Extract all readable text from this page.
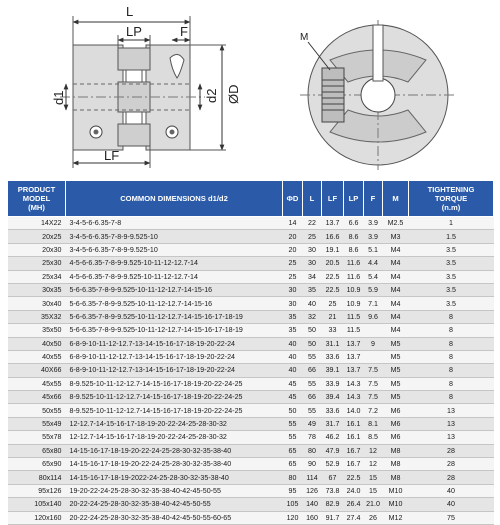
L
LP	F
d1	d2 ØD
LF
M
PRODUCT
MODEL
(MH)	COMMON DIMENSIONS d1/d2	ΦD	L	LF	LP	F	M	TIGHTENING
TORQUE
(n.m)
14X22	3-4-5-6-6.35-7-8	14	22	13.7	6.6	3.9	M2.5	1
20x25	3-4-5-6-6.35-7-8-9-9.525-10	20	25	16.6	8.6	3.9	M3	1.5
20x30	3-4-5-6-6.35-7-8-9-9.525-10	20	30	19.1	8.6	5.1	M4	3.5
25x30	4-5-6-6.35-7-8-9-9.525-10-11-12-12.7-14	25	30	20.5	11.6	4.4	M4	3.5
25x34	4-5-6-6.35-7-8-9-9.525-10-11-12-12.7-14	25	34	22.5	11.6	5.4	M4	3.5
30x35	5-6-6.35-7-8-9-9.525-10-11-12-12.7-14-15-16	30	35	22.5	10.9	5.9	M4	3.5
30x40	5-6-6.35-7-8-9-9.525-10-11-12-12.7-14-15-16	30	40	25	10.9	7.1	M4	3.5
35X32	5-6-6.35-7-8-9-9.525-10-11-12-12.7-14-15-16-17-18-19	35	32	21	11.5	9.6	M4	8
35x50	5-6-6.35-7-8-9-9.525-10-11-12-12.7-14-15-16-17-18-19	35	50	33	11.5		M4	8
40x50	6-8-9-10-11-12-12.7-13-14-15-16-17-18-19-20-22-24	40	50	31.1	13.7	9	M5	8
40x55	6-8-9-10-11-12-12.7-13-14-15-16-17-18-19-20-22-24	40	55	33.6	13.7		M5	8
40X66	6-8-9-10-11-12-12.7-13-14-15-16-17-18-19-20-22-24	40	66	39.1	13.7	7.5	M5	8
45x55	8-9.525-10-11-12-12.7-14-15-16-17-18-19-20-22-24-25	45	55	33.9	14.3	7.5	M5	8
45x66	8-9.525-10-11-12-12.7-14-15-16-17-18-19-20-22-24-25	45	66	39.4	14.3	7.5	M5	8
50x55	8-9.525-10-11-12-12.7-14-15-16-17-18-19-20-22-24-25	50	55	33.6	14.0	7.2	M6	13
55x49	12-12.7-14-15-16-17-18-19-20-22-24-25-28-30-32	55	49	31.7	16.1	8.1	M6	13
55x78	12-12.7-14-15-16-17-18-19-20-22-24-25-28-30-32	55	78	46.2	16.1	8.5	M6	13
65x80	14-15-16-17-18-19-20-22-24-25-28-30-32-35-38-40	65	80	47.9	16.7	12	M8	28
65x90	14-15-16-17-18-19-20-22-24-25-28-30-32-35-38-40	65	90	52.9	16.7	12	M8	28
80x114	14-15-16-17-18-19-2022-24-25-28-30-32-35-38-40	80	114	67	22.5	15	M8	28
95x126	19-20-22-24-25-28-30-32-35-38-40-42-45-50-55	95	126	73.8	24.0	15	M10	40
105x140	20-22-24-25-28-30-32-35-38-40-42-45-50-55	105	140	82.9	26.4	21.0	M10	40
120x160	20-22-24-25-28-30-32-35-38-40-42-45-50-55-60-65	120	160	91.7	27.4	26	M12	75
